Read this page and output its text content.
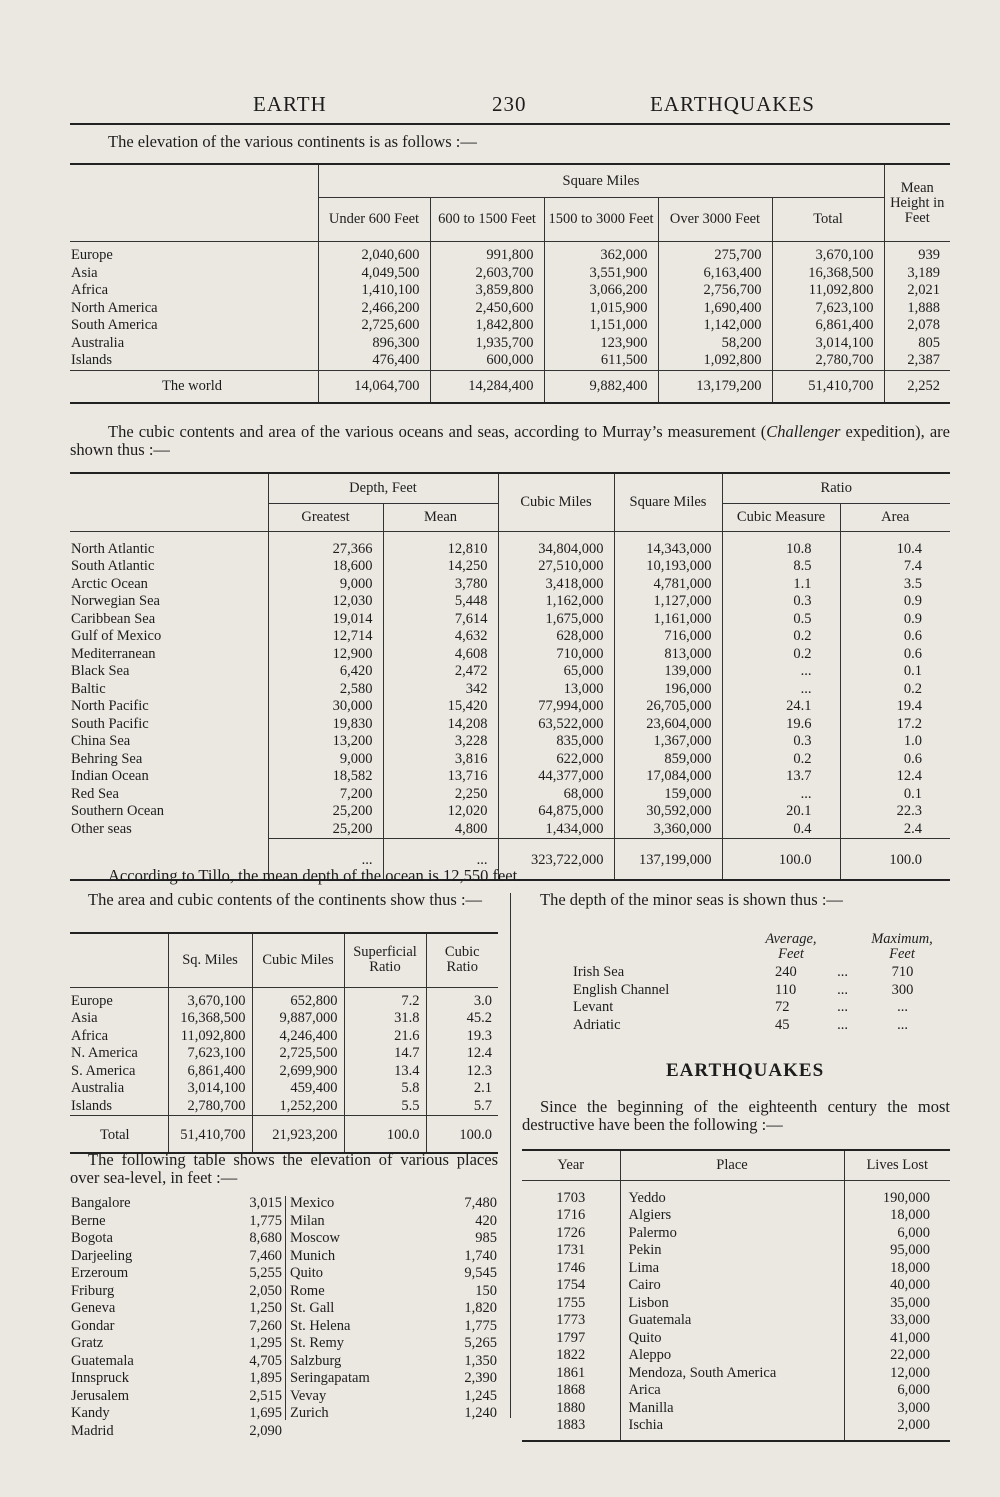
EARTH	230	EARTHQUAKES

The elevation of the various continents is as follows :—

	Square Miles					Mean Height in Feet
	Under 600 Feet	600 to 1500 Feet	1500 to 3000 Feet	Over 3000 Feet	Total	
Europe	2,040,600	991,800	362,000	275,700	3,670,100	939
Asia	4,049,500	2,603,700	3,551,900	6,163,400	16,368,500	3,189
Africa	1,410,100	3,859,800	3,066,200	2,756,700	11,092,800	2,021
North America	2,466,200	2,450,600	1,015,900	1,690,400	7,623,100	1,888
South America	2,725,600	1,842,800	1,151,000	1,142,000	6,861,400	2,078
Australia	896,300	1,935,700	123,900	58,200	3,014,100	805
Islands	476,400	600,000	611,500	1,092,800	2,780,700	2,387
The world	14,064,700	14,284,400	9,882,400	13,179,200	51,410,700	2,252

The cubic contents and area of the various oceans and seas, according to Murray’s measurement (Challenger expedition), are shown thus :—

	Depth, Feet		Cubic Miles	Square Miles	Ratio	
	Greatest	Mean			Cubic Measure	Area
North Atlantic	27,366	12,810	34,804,000	14,343,000	10.8	10.4
South Atlantic	18,600	14,250	27,510,000	10,193,000	8.5	7.4
Arctic Ocean	9,000	3,780	3,418,000	4,781,000	1.1	3.5
Norwegian Sea	12,030	5,448	1,162,000	1,127,000	0.3	0.9
Caribbean Sea	19,014	7,614	1,675,000	1,161,000	0.5	0.9
Gulf of Mexico	12,714	4,632	628,000	716,000	0.2	0.6
Mediterranean	12,900	4,608	710,000	813,000	0.2	0.6
Black Sea	6,420	2,472	65,000	139,000	...	0.1
Baltic	2,580	342	13,000	196,000	...	0.2
North Pacific	30,000	15,420	77,994,000	26,705,000	24.1	19.4
South Pacific	19,830	14,208	63,522,000	23,604,000	19.6	17.2
China Sea	13,200	3,228	835,000	1,367,000	0.3	1.0
Behring Sea	9,000	3,816	622,000	859,000	0.2	0.6
Indian Ocean	18,582	13,716	44,377,000	17,084,000	13.7	12.4
Red Sea	7,200	2,250	68,000	159,000	...	0.1
Southern Ocean	25,200	12,020	64,875,000	30,592,000	20.1	22.3
Other seas	25,200	4,800	1,434,000	3,360,000	0.4	2.4
	...	...	323,722,000	137,199,000	100.0	100.0

According to Tillo, the mean depth of the ocean is 12,550 feet.

The area and cubic contents of the continents show thus :—

	Sq. Miles	Cubic Miles	Superficial Ratio	Cubic Ratio
Europe	3,670,100	652,800	7.2	3.0
Asia	16,368,500	9,887,000	31.8	45.2
Africa	11,092,800	4,246,400	21.6	19.3
N. America	7,623,100	2,725,500	14.7	12.4
S. America	6,861,400	2,699,900	13.4	12.3
Australia	3,014,100	459,400	5.8	2.1
Islands	2,780,700	1,252,200	5.5	5.7
Total	51,410,700	21,923,200	100.0	100.0

The following table shows the elevation of various places over sea-level, in feet :—

Bangalore	3,015
Berne	1,775
Bogota	8,680
Darjeeling	7,460
Erzeroum	5,255
Friburg	2,050
Geneva	1,250
Gondar	7,260
Gratz	1,295
Guatemala	4,705
Innspruck	1,895
Jerusalem	2,515
Kandy	1,695
Madrid	2,090
Mexico	7,480
Milan	420
Moscow	985
Munich	1,740
Quito	9,545
Rome	150
St. Gall	1,820
St. Helena	1,775
St. Remy	5,265
Salzburg	1,350
Seringapatam	2,390
Vevay	1,245
Zurich	1,240

The depth of the minor seas is shown thus :—

	Average, Feet		Maximum, Feet
Irish Sea	240	...	710
English Channel	110	...	300
Levant	72	...	...
Adriatic	45	...	...
EARTHQUAKES

Since the beginning of the eighteenth century the most destructive have been the following :—

Year	Place	Lives Lost
1703	Yeddo	190,000
1716	Algiers	18,000
1726	Palermo	6,000
1731	Pekin	95,000
1746	Lima	18,000
1754	Cairo	40,000
1755	Lisbon	35,000
1773	Guatemala	33,000
1797	Quito	41,000
1822	Aleppo	22,000
1861	Mendoza, South America	12,000
1868	Arica	6,000
1880	Manilla	3,000
1883	Ischia	2,000
